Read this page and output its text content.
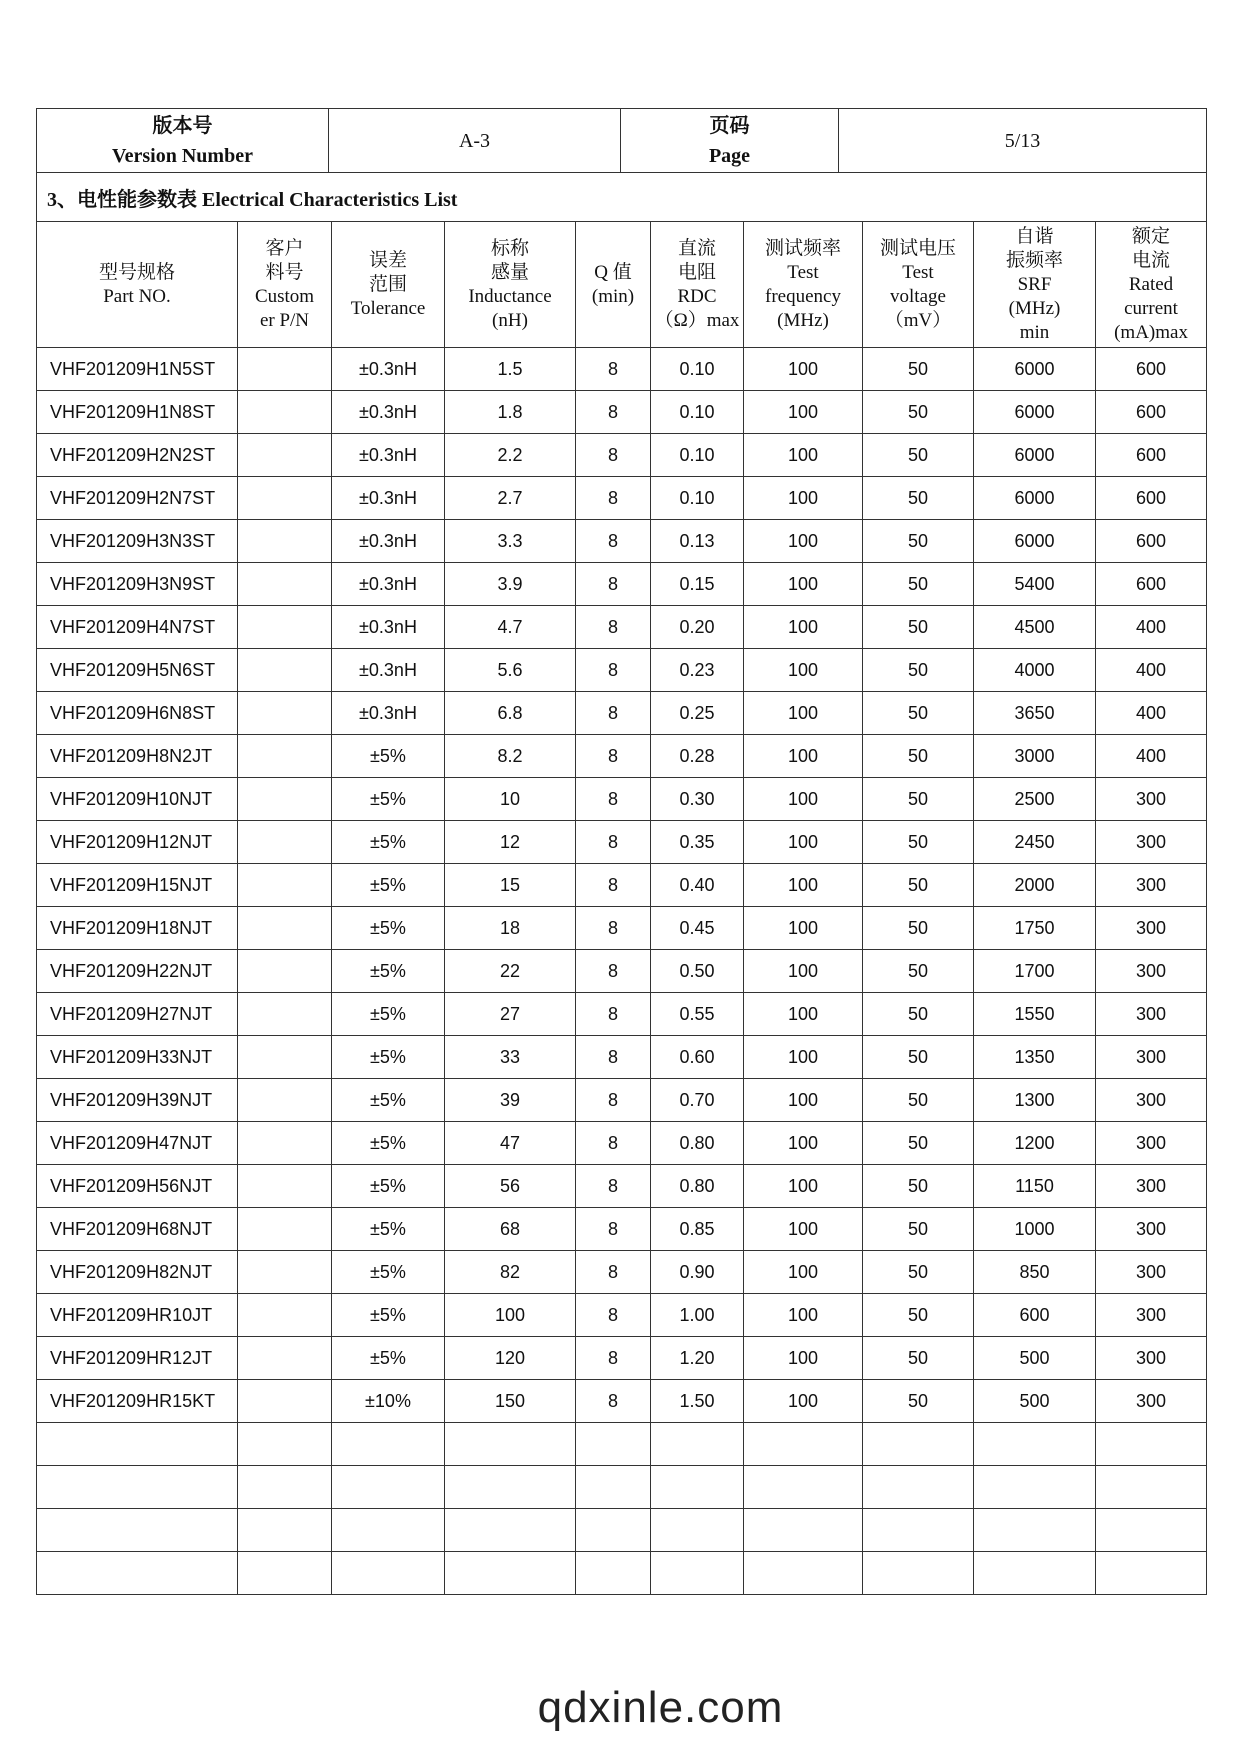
版本号
Version Number
	A-3	
页码
Page
	5/13
3、电性能参数表 Electrical Characteristics List									

型号规格
Part NO.	客户
料号
Custom
er P/N	误差
范围
Tolerance	标称
感量
Inductance
(nH)	Q 值
(min)	直流
电阻
RDC
（Ω）max	测试频率
Test
frequency
(MHz)	测试电压
Test
voltage
（mV）	自谐
振频率
SRF
(MHz)
min	额定
电流
Rated
current
(mA)max

VHF201209H1N5ST		±0.3nH	1.5	8	0.10	100	50	6000	600
VHF201209H1N8ST		±0.3nH	1.8	8	0.10	100	50	6000	600
VHF201209H2N2ST		±0.3nH	2.2	8	0.10	100	50	6000	600
VHF201209H2N7ST		±0.3nH	2.7	8	0.10	100	50	6000	600
VHF201209H3N3ST		±0.3nH	3.3	8	0.13	100	50	6000	600
VHF201209H3N9ST		±0.3nH	3.9	8	0.15	100	50	5400	600
VHF201209H4N7ST		±0.3nH	4.7	8	0.20	100	50	4500	400
VHF201209H5N6ST		±0.3nH	5.6	8	0.23	100	50	4000	400
VHF201209H6N8ST		±0.3nH	6.8	8	0.25	100	50	3650	400
VHF201209H8N2JT		±5%	8.2	8	0.28	100	50	3000	400
VHF201209H10NJT		±5%	10	8	0.30	100	50	2500	300
VHF201209H12NJT		±5%	12	8	0.35	100	50	2450	300
VHF201209H15NJT		±5%	15	8	0.40	100	50	2000	300
VHF201209H18NJT		±5%	18	8	0.45	100	50	1750	300
VHF201209H22NJT		±5%	22	8	0.50	100	50	1700	300
VHF201209H27NJT		±5%	27	8	0.55	100	50	1550	300
VHF201209H33NJT		±5%	33	8	0.60	100	50	1350	300
VHF201209H39NJT		±5%	39	8	0.70	100	50	1300	300
VHF201209H47NJT		±5%	47	8	0.80	100	50	1200	300
VHF201209H56NJT		±5%	56	8	0.80	100	50	1150	300
VHF201209H68NJT		±5%	68	8	0.85	100	50	1000	300
VHF201209H82NJT		±5%	82	8	0.90	100	50	850	300
VHF201209HR10JT		±5%	100	8	1.00	100	50	600	300
VHF201209HR12JT		±5%	120	8	1.20	100	50	500	300
VHF201209HR15KT		±10%	150	8	1.50	100	50	500	300

qdxinle.com
